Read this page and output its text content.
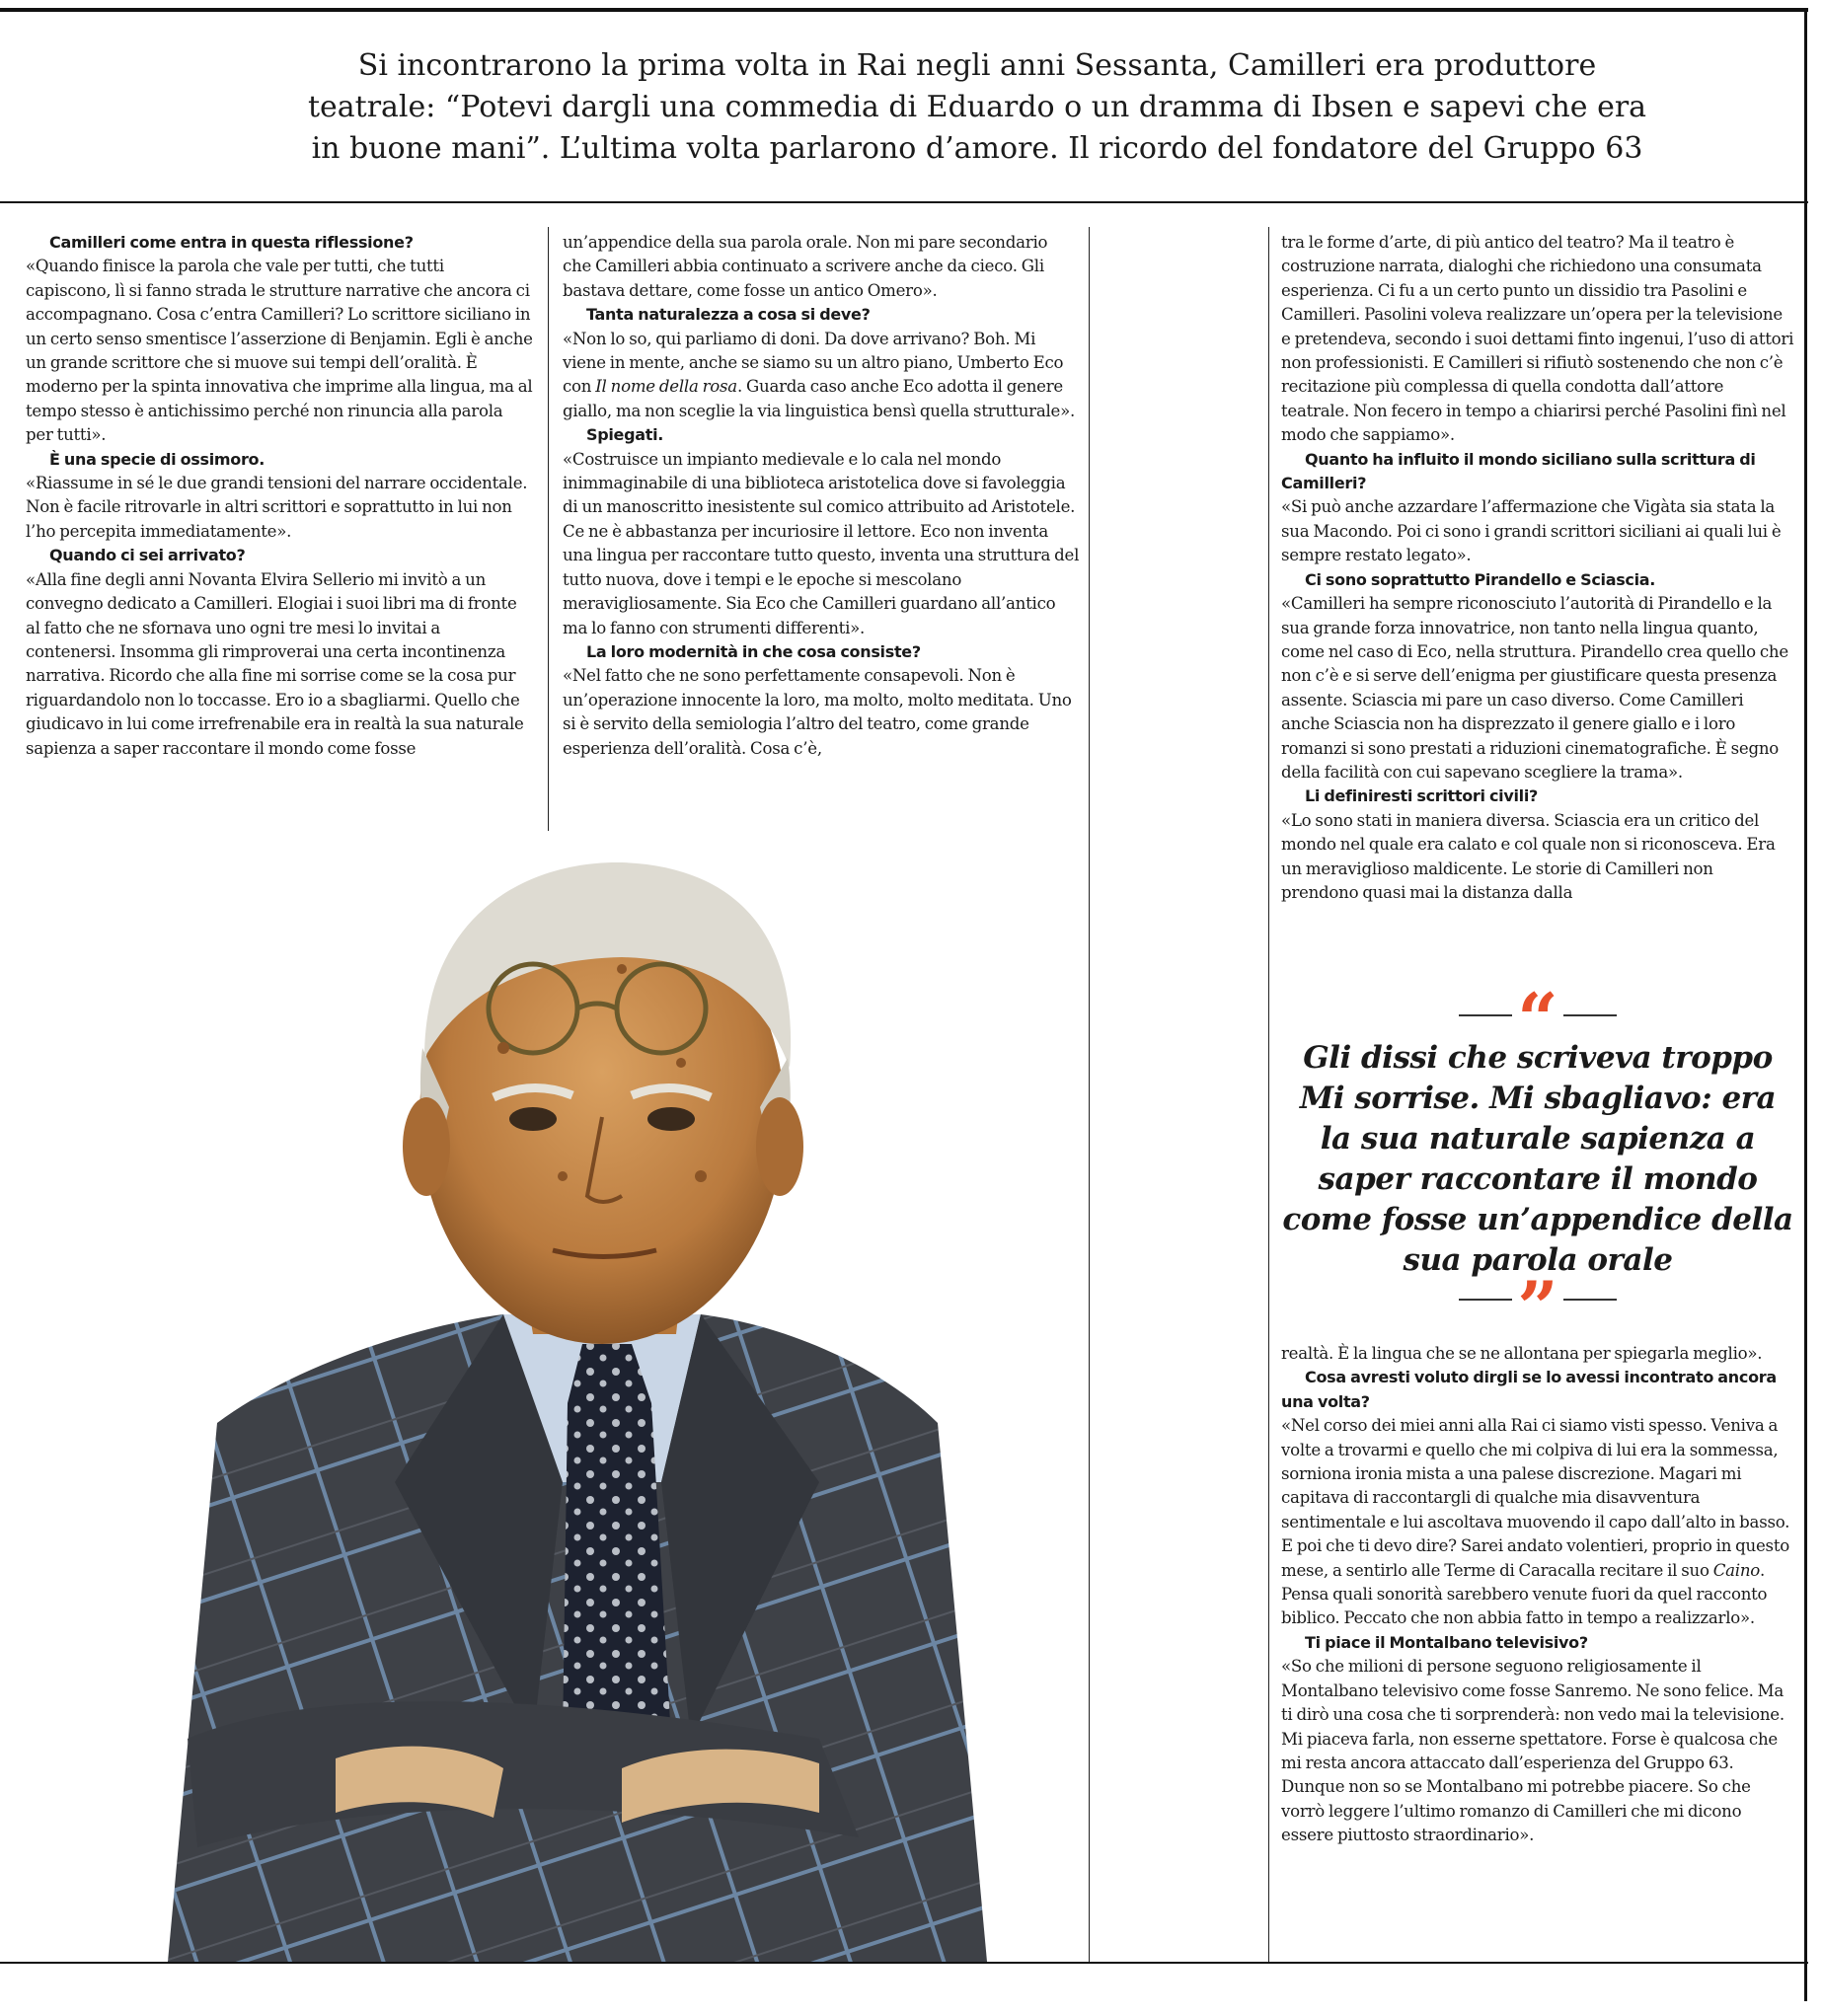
Si incontrarono la prima volta in Rai negli anni Sessanta, Camilleri era produttore teatrale: “Potevi dargli una commedia di Eduardo o un dramma di Ibsen e sapevi che era in buone mani”. L’ultima volta parlarono d’amore. Il ricordo del fondatore del Gruppo 63

Camilleri come entra in questa riflessione?

«Quando finisce la parola che vale per tutti, che tutti capiscono, lì si fanno strada le strutture narrative che ancora ci accompagnano. Cosa c’entra Camilleri? Lo scrittore siciliano in un certo senso smentisce l’asserzione di Benjamin. Egli è anche un grande scrittore che si muove sui tempi dell’oralità. È moderno per la spinta innovativa che imprime alla lingua, ma al tempo stesso è antichissimo perché non rinuncia alla parola per tutti».

È una specie di ossimoro.

«Riassume in sé le due grandi tensioni del narrare occidentale. Non è facile ritrovarle in altri scrittori e soprattutto in lui non l’ho percepita immediatamente».

Quando ci sei arrivato?

«Alla fine degli anni Novanta Elvira Sellerio mi invitò a un convegno dedicato a Camilleri. Elogiai i suoi libri ma di fronte al fatto che ne sfornava uno ogni tre mesi lo invitai a contenersi. Insomma gli rimproverai una certa incontinenza narrativa. Ricordo che alla fine mi sorrise come se la cosa pur riguardandolo non lo toccasse. Ero io a sbagliarmi. Quello che giudicavo in lui come irrefrenabile era in realtà la sua naturale sapienza a saper raccontare il mondo come fosse

un’appendice della sua parola orale. Non mi pare secondario che Camilleri abbia continuato a scrivere anche da cieco. Gli bastava dettare, come fosse un antico Omero».

Tanta naturalezza a cosa si deve?

«Non lo so, qui parliamo di doni. Da dove arrivano? Boh. Mi viene in mente, anche se siamo su un altro piano, Umberto Eco con Il nome della rosa. Guarda caso anche Eco adotta il genere giallo, ma non sceglie la via linguistica bensì quella strutturale».

Spiegati.

«Costruisce un impianto medievale e lo cala nel mondo inimmaginabile di una biblioteca aristotelica dove si favoleggia di un manoscritto inesistente sul comico attribuito ad Aristotele. Ce ne è abbastanza per incuriosire il lettore. Eco non inventa una lingua per raccontare tutto questo, inventa una struttura del tutto nuova, dove i tempi e le epoche si mescolano meravigliosamente. Sia Eco che Camilleri guardano all’antico ma lo fanno con strumenti differenti».

La loro modernità in che cosa consiste?

«Nel fatto che ne sono perfettamente consapevoli. Non è un’operazione innocente la loro, ma molto, molto meditata. Uno si è servito della semiologia l’altro del teatro, come grande esperienza dell’oralità. Cosa c’è,

tra le forme d’arte, di più antico del teatro? Ma il teatro è costruzione narrata, dialoghi che richiedono una consumata esperienza. Ci fu a un certo punto un dissidio tra Pasolini e Camilleri. Pasolini voleva realizzare un’opera per la televisione e pretendeva, secondo i suoi dettami finto ingenui, l’uso di attori non professionisti. E Camilleri si rifiutò sostenendo che non c’è recitazione più complessa di quella condotta dall’attore teatrale. Non fecero in tempo a chiarirsi perché Pasolini finì nel modo che sappiamo».

Quanto ha influito il mondo siciliano sulla scrittura di Camilleri?

«Si può anche azzardare l’affermazione che Vigàta sia stata la sua Macondo. Poi ci sono i grandi scrittori siciliani ai quali lui è sempre restato legato».

Ci sono soprattutto Pirandello e Sciascia.

«Camilleri ha sempre riconosciuto l’autorità di Pirandello e la sua grande forza innovatrice, non tanto nella lingua quanto, come nel caso di Eco, nella struttura. Pirandello crea quello che non c’è e si serve dell’enigma per giustificare questa presenza assente. Sciascia mi pare un caso diverso. Come Camilleri anche Sciascia non ha disprezzato il genere giallo e i loro romanzi si sono prestati a riduzioni cinematografiche. È segno della facilità con cui sapevano scegliere la trama».

Li definiresti scrittori civili?

«Lo sono stati in maniera diversa. Sciascia era un critico del mondo nel quale era calato e col quale non si riconosceva. Era un meraviglioso maldicente. Le storie di Camilleri non prendono quasi mai la distanza dalla

“
Gli dissi che scriveva troppo Mi sorrise. Mi sbagliavo: era la sua naturale sapienza a saper raccontare il mondo come fosse un’appendice della sua parola orale
”

realtà. È la lingua che se ne allontana per spiegarla meglio».

Cosa avresti voluto dirgli se lo avessi incontrato ancora una volta?

«Nel corso dei miei anni alla Rai ci siamo visti spesso. Veniva a volte a trovarmi e quello che mi colpiva di lui era la sommessa, sorniona ironia mista a una palese discrezione. Magari mi capitava di raccontargli di qualche mia disavventura sentimentale e lui ascoltava muovendo il capo dall’alto in basso. E poi che ti devo dire? Sarei andato volentieri, proprio in questo mese, a sentirlo alle Terme di Caracalla recitare il suo Caino. Pensa quali sonorità sarebbero venute fuori da quel racconto biblico. Peccato che non abbia fatto in tempo a realizzarlo».

Ti piace il Montalbano televisivo?

«So che milioni di persone seguono religiosamente il Montalbano televisivo come fosse Sanremo. Ne sono felice. Ma ti dirò una cosa che ti sorprenderà: non vedo mai la televisione. Mi piaceva farla, non esserne spettatore. Forse è qualcosa che mi resta ancora attaccato dall’esperienza del Gruppo 63. Dunque non so se Montalbano mi potrebbe piacere. So che vorrò leggere l’ultimo romanzo di Camilleri che mi dicono essere piuttosto straordinario».
